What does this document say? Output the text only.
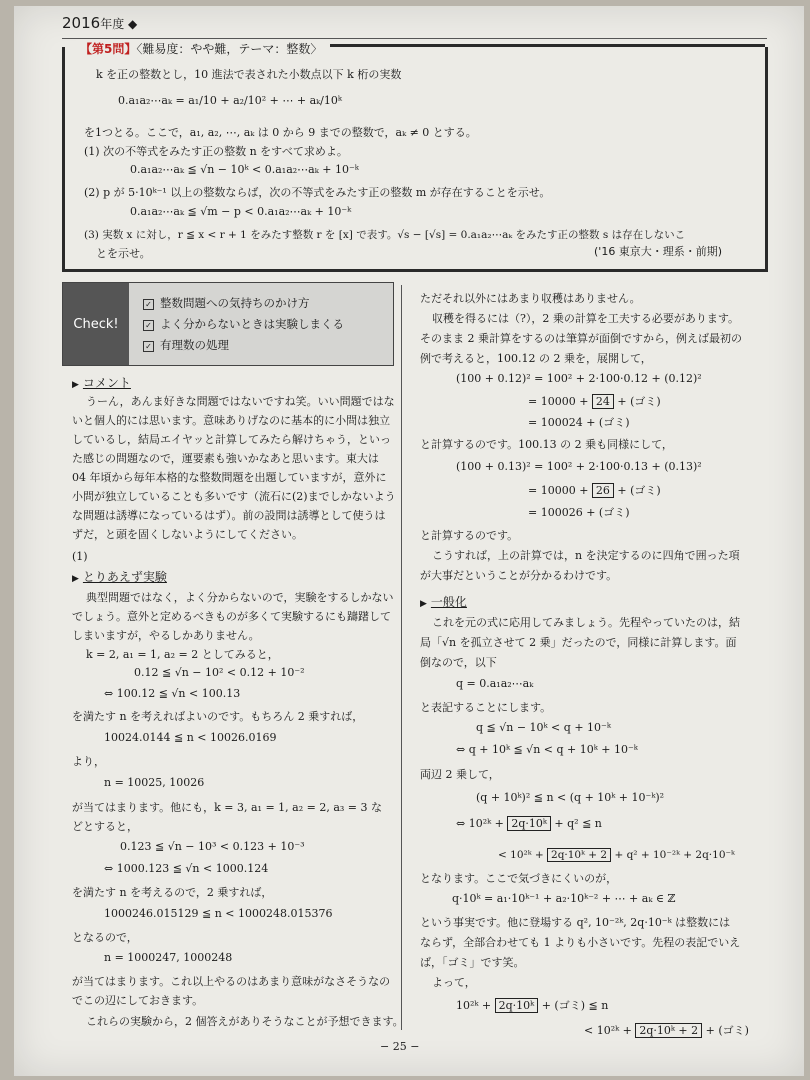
2016年度 ◆
【第5問】〈難易度：やや難，テーマ：整数〉
k を正の整数とし，10 進法で表された小数点以下 k 桁の実数
0.a₁a₂⋯aₖ = a₁/10 + a₂/10² + ⋯ + aₖ/10ᵏ
を1つとる。ここで，a₁, a₂, ⋯, aₖ は 0 から 9 までの整数で，aₖ ≠ 0 とする。
(1) 次の不等式をみたす正の整数 n をすべて求めよ。
0.a₁a₂⋯aₖ ≦ √n − 10ᵏ < 0.a₁a₂⋯aₖ + 10⁻ᵏ
(2) p が 5·10ᵏ⁻¹ 以上の整数ならば，次の不等式をみたす正の整数 m が存在することを示せ。
0.a₁a₂⋯aₖ ≦ √m − p < 0.a₁a₂⋯aₖ + 10⁻ᵏ
(3) 実数 x に対し，r ≦ x < r + 1 をみたす整数 r を [x] で表す。√s − [√s] = 0.a₁a₂⋯aₖ をみたす正の整数 s は存在しないこ
とを示せ。	('16 東京大・理系・前期)
Check!
✓ 整数問題への気持ちのかけ方
✓ よく分からないときは実験しまくる
✓ 有理数の処理
▶ コメント
うーん，あんま好きな問題ではないですね笑。いい問題ではな
いと個人的には思います。意味ありげなのに基本的に小問は独立
しているし，結局エイヤッと計算してみたら解けちゃう，といっ
た感じの問題なので，運要素も強いかなあと思います。東大は
04 年頃から毎年本格的な整数問題を出題していますが，意外に
小問が独立していることも多いです（流石に(2)までしかないよう
な問題は誘導になっているはず）。前の設問は誘導として使うは
ずだ，と頭を固くしないようにしてください。
(1)
▶ とりあえず実験
典型問題ではなく，よく分からないので，実験をするしかない
でしょう。意外と定めるべきものが多くて実験するにも躊躇して
しまいますが，やるしかありません。
k = 2, a₁ = 1, a₂ = 2 としてみると，
0.12 ≦ √n − 10² < 0.12 + 10⁻²
⇔ 100.12 ≦ √n < 100.13
を満たす n を考えればよいのです。もちろん 2 乗すれば，
10024.0144 ≦ n < 10026.0169
より，
n = 10025, 10026
が当てはまります。他にも，k = 3, a₁ = 1, a₂ = 2, a₃ = 3 な
どとすると，
0.123 ≦ √n − 10³ < 0.123 + 10⁻³
⇔ 1000.123 ≦ √n < 1000.124
を満たす n を考えるので，2 乗すれば，
1000246.015129 ≦ n < 1000248.015376
となるので，
n = 1000247, 1000248
が当てはまります。これ以上やるのはあまり意味がなさそうなの
でこの辺にしておきます。
これらの実験から，2 個答えがありそうなことが予想できます。
ただそれ以外にはあまり収穫はありません。
収穫を得るには（?），2 乗の計算を工夫する必要があります。
そのまま 2 乗計算をするのは筆算が面倒ですから，例えば最初の
例で考えると，100.12 の 2 乗を，展開して，
(100 + 0.12)² = 100² + 2·100·0.12 + (0.12)²
= 10000 + 24 + (ゴミ)
= 100024 + (ゴミ)
と計算するのです。100.13 の 2 乗も同様にして，
(100 + 0.13)² = 100² + 2·100·0.13 + (0.13)²
= 10000 + 26 + (ゴミ)
= 100026 + (ゴミ)
と計算するのです。
こうすれば，上の計算では，n を決定するのに四角で囲った項
が大事だということが分かるわけです。
▶ 一般化
これを元の式に応用してみましょう。先程やっていたのは，結
局「√n を孤立させて 2 乗」だったので，同様に計算します。面
倒なので，以下
q = 0.a₁a₂⋯aₖ
と表記することにします。
q ≦ √n − 10ᵏ < q + 10⁻ᵏ
⇔ q + 10ᵏ ≦ √n < q + 10ᵏ + 10⁻ᵏ
両辺 2 乗して，
(q + 10ᵏ)² ≦ n < (q + 10ᵏ + 10⁻ᵏ)²
⇔ 10²ᵏ + 2q·10ᵏ + q² ≦ n
< 10²ᵏ + 2q·10ᵏ + 2 + q² + 10⁻²ᵏ + 2q·10⁻ᵏ
となります。ここで気づきにくいのが，
q·10ᵏ = a₁·10ᵏ⁻¹ + a₂·10ᵏ⁻² + ⋯ + aₖ ∈ ℤ
という事実です。他に登場する q², 10⁻²ᵏ, 2q·10⁻ᵏ は整数には
ならず，全部合わせても 1 よりも小さいです。先程の表記でいえ
ば，「ゴミ」です笑。
よって，
10²ᵏ + 2q·10ᵏ + (ゴミ) ≦ n
< 10²ᵏ + 2q·10ᵏ + 2 + (ゴミ)
− 25 −
